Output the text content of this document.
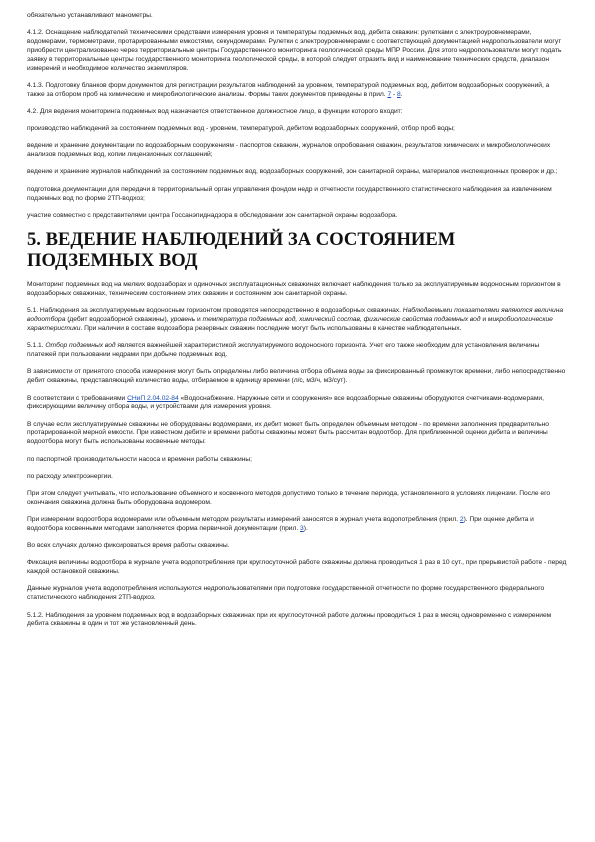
обязательно устанавливают манометры.

4.1.2. Оснащение наблюдателей техническими средствами измерения уровня и температуры подземных вод, дебита скважин: рулетками с электроуровнемерами, водомерами, термометрами, протарированными емкостями, секундомерами. Рулетки с электроуровнемерами с соответствующей документацией недропользователи могут приобрести централизованно через территориальные центры Государственного мониторинга геологической среды МПР России. Для этого недропользователи могут подать заявку в территориальные центры государственного мониторинга геологической среды, в которой следует отразить вид и наименование технических средств, диапазон измерений и необходимое количество экземпляров.

4.1.3. Подготовку бланков форм документов для регистрации результатов наблюдений за уровнем, температурой подземных вод, дебитом водозаборных сооружений, а также за отбором проб на химические и микробиологические анализы. Формы таких документов приведены в прил. 7 - 8.

4.2. Для ведения мониторинга подземных вод назначается ответственное должностное лицо, в функции которого входит:

производство наблюдений за состоянием подземных вод - уровнем, температурой, дебитом водозаборных сооружений, отбор проб воды;

ведение и хранение документации по водозаборным сооружениям - паспортов скважин, журналов опробования скважин, результатов химических и микробиологических анализов подземных вод, копии лицензионных соглашений;

ведение и хранение журналов наблюдений за состоянием подземных вод, водозаборных сооружений, зон санитарной охраны, материалов инспекционных проверок и др.;

подготовка документации для передачи в территориальный орган управления фондом недр и отчетности государственного статистического наблюдения за извлечением подземных вод по форме 2ТП-водхоз;

участие совместно с представителями центра Госсанэпиднадзора в обследовании зон санитарной охраны водозабора.

5. ВЕДЕНИЕ НАБЛЮДЕНИЙ ЗА СОСТОЯНИЕМ ПОДЗЕМНЫХ ВОД

Мониторинг подземных вод на мелких водозаборах и одиночных эксплуатационных скважинах включает наблюдения только за эксплуатируемым водоносным горизонтом в водозаборных скважинах, техническим состоянием этих скважин и состоянием зон санитарной охраны.

5.1. Наблюдения за эксплуатируемым водоносным горизонтом проводятся непосредственно в водозаборных скважинах. Наблюдаемыми показателями являются величина водоотбора (дебит водозаборной скважины), уровень и температура подземных вод, химический состав, физические свойства подземных вод и микробиологические характеристики. При наличии в составе водозабора резервных скважин последние могут быть использованы в качестве наблюдательных.

5.1.1. Отбор подземных вод является важнейшей характеристикой эксплуатируемого водоносного горизонта. Учет его также необходим для установления величины платежей при пользовании недрами при добыче подземных вод.

В зависимости от принятого способа измерения могут быть определены либо величина отбора объема воды за фиксированный промежуток времени, либо непосредственно дебит скважины, представляющий количество воды, отбираемое в единицу времени (л/с, м3/ч, м3/сут).

В соответствии с требованиями СНиП 2.04.02-84 «Водоснабжение. Наружные сети и сооружения» все водозаборные скважины оборудуются счетчиками-водомерами, фиксирующими величину отбора воды, и устройствами для измерения уровня.

В случае если эксплуатируемые скважины не оборудованы водомерами, их дебит может быть определен объемным методом - по времени заполнения предварительно протарированной мерной емкости. При известном дебите и времени работы скважины может быть рассчитан водоотбор. Для приближенной оценки дебита и величины водоотбора могут быть использованы косвенные методы:

по паспортной производительности насоса и времени работы скважины;

по расходу электроэнергии.

При этом следует учитывать, что использование объемного и косвенного методов допустимо только в течение периода, установленного в условиях лицензии. После его окончания скважина должна быть оборудована водомером.

При измерении водоотбора водомерами или объемным методом результаты измерений заносятся в журнал учета водопотребления (прил. 2). При оценке дебита и водоотбора косвенными методами заполняется форма первичной документации (прил. 3).

Во всех случаях должно фиксироваться время работы скважины.

Фиксация величины водоотбора в журнале учета водопотребления при круглосуточной работе скважины должна проводиться 1 раз в 10 сут., при прерывистой работе - перед каждой остановкой скважины.

Данные журналов учета водопотребления используются недропользователями при подготовке государственной отчетности по форме государственного федерального статистического наблюдения 2ТП-водхоз.

5.1.2. Наблюдения за уровнем подземных вод в водозаборных скважинах при их круглосуточной работе должны проводиться 1 раз в месяц одновременно с измерением дебита скважины в один и тот же установленный день.
